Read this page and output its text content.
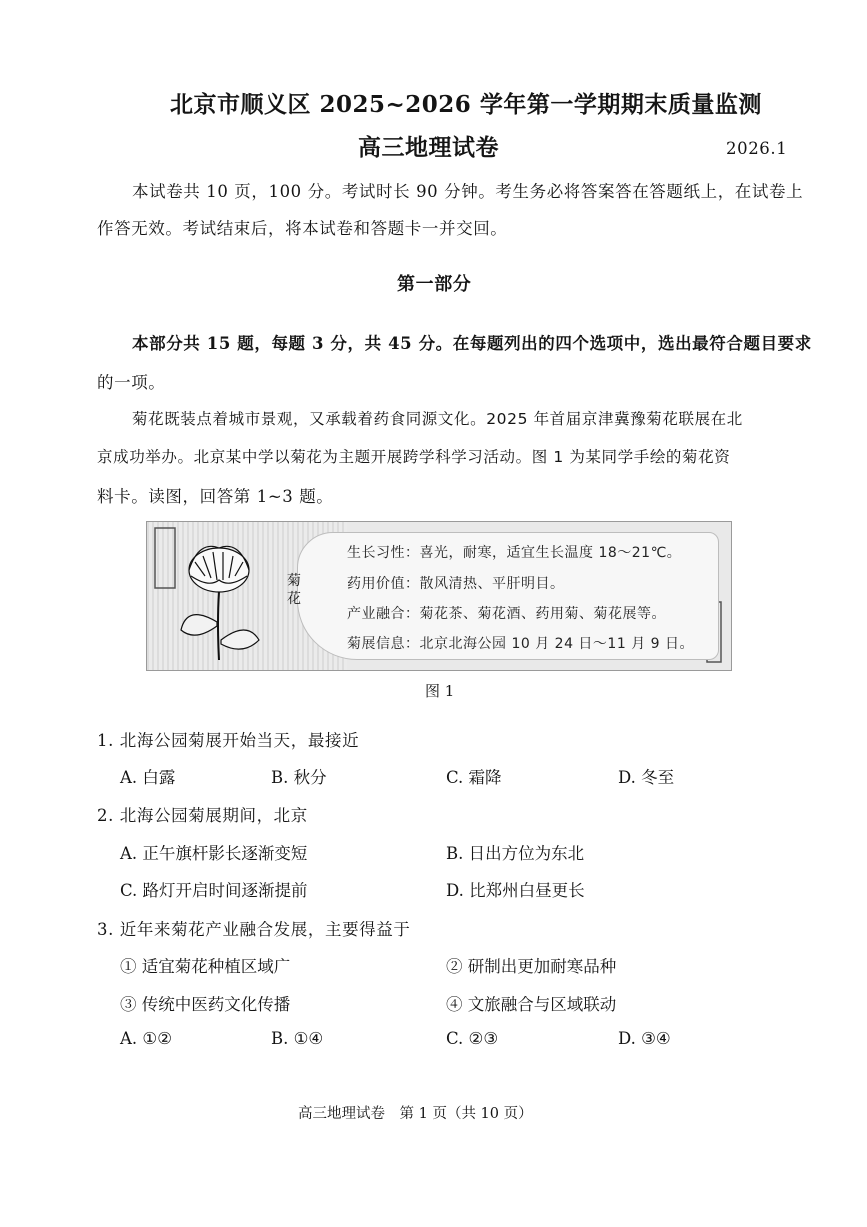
北京市顺义区 2025~2026 学年第一学期期末质量监测
高三地理试卷	2026.1
本试卷共 10 页，100 分。考试时长 90 分钟。考生务必将答案答在答题纸上，在试卷上
作答无效。考试结束后，将本试卷和答题卡一并交回。
第一部分
本部分共 15 题，每题 3 分，共 45 分。在每题列出的四个选项中，选出最符合题目要求
的一项。
菊花既装点着城市景观，又承载着药食同源文化。2025 年首届京津冀豫菊花联展在北
京成功举办。北京某中学以菊花为主题开展跨学科学习活动。图 1 为某同学手绘的菊花资
料卡。读图，回答第 1~3 题。
菊花
生长习性：喜光，耐寒，适宜生长温度 18～21℃。
药用价值：散风清热、平肝明目。
产业融合：菊花茶、菊花酒、药用菊、菊花展等。
菊展信息：北京北海公园 10 月 24 日～11 月 9 日。
图 1
1. 北海公园菊展开始当天，最接近
A. 白露	B. 秋分	C. 霜降	D. 冬至
2. 北海公园菊展期间，北京
A. 正午旗杆影长逐渐变短	B. 日出方位为东北
C. 路灯开启时间逐渐提前	D. 比郑州白昼更长
3. 近年来菊花产业融合发展，主要得益于
① 适宜菊花种植区域广	② 研制出更加耐寒品种
③ 传统中医药文化传播	④ 文旅融合与区域联动
A. ①②	B. ①④	C. ②③	D. ③④
高三地理试卷　第 1 页（共 10 页）
